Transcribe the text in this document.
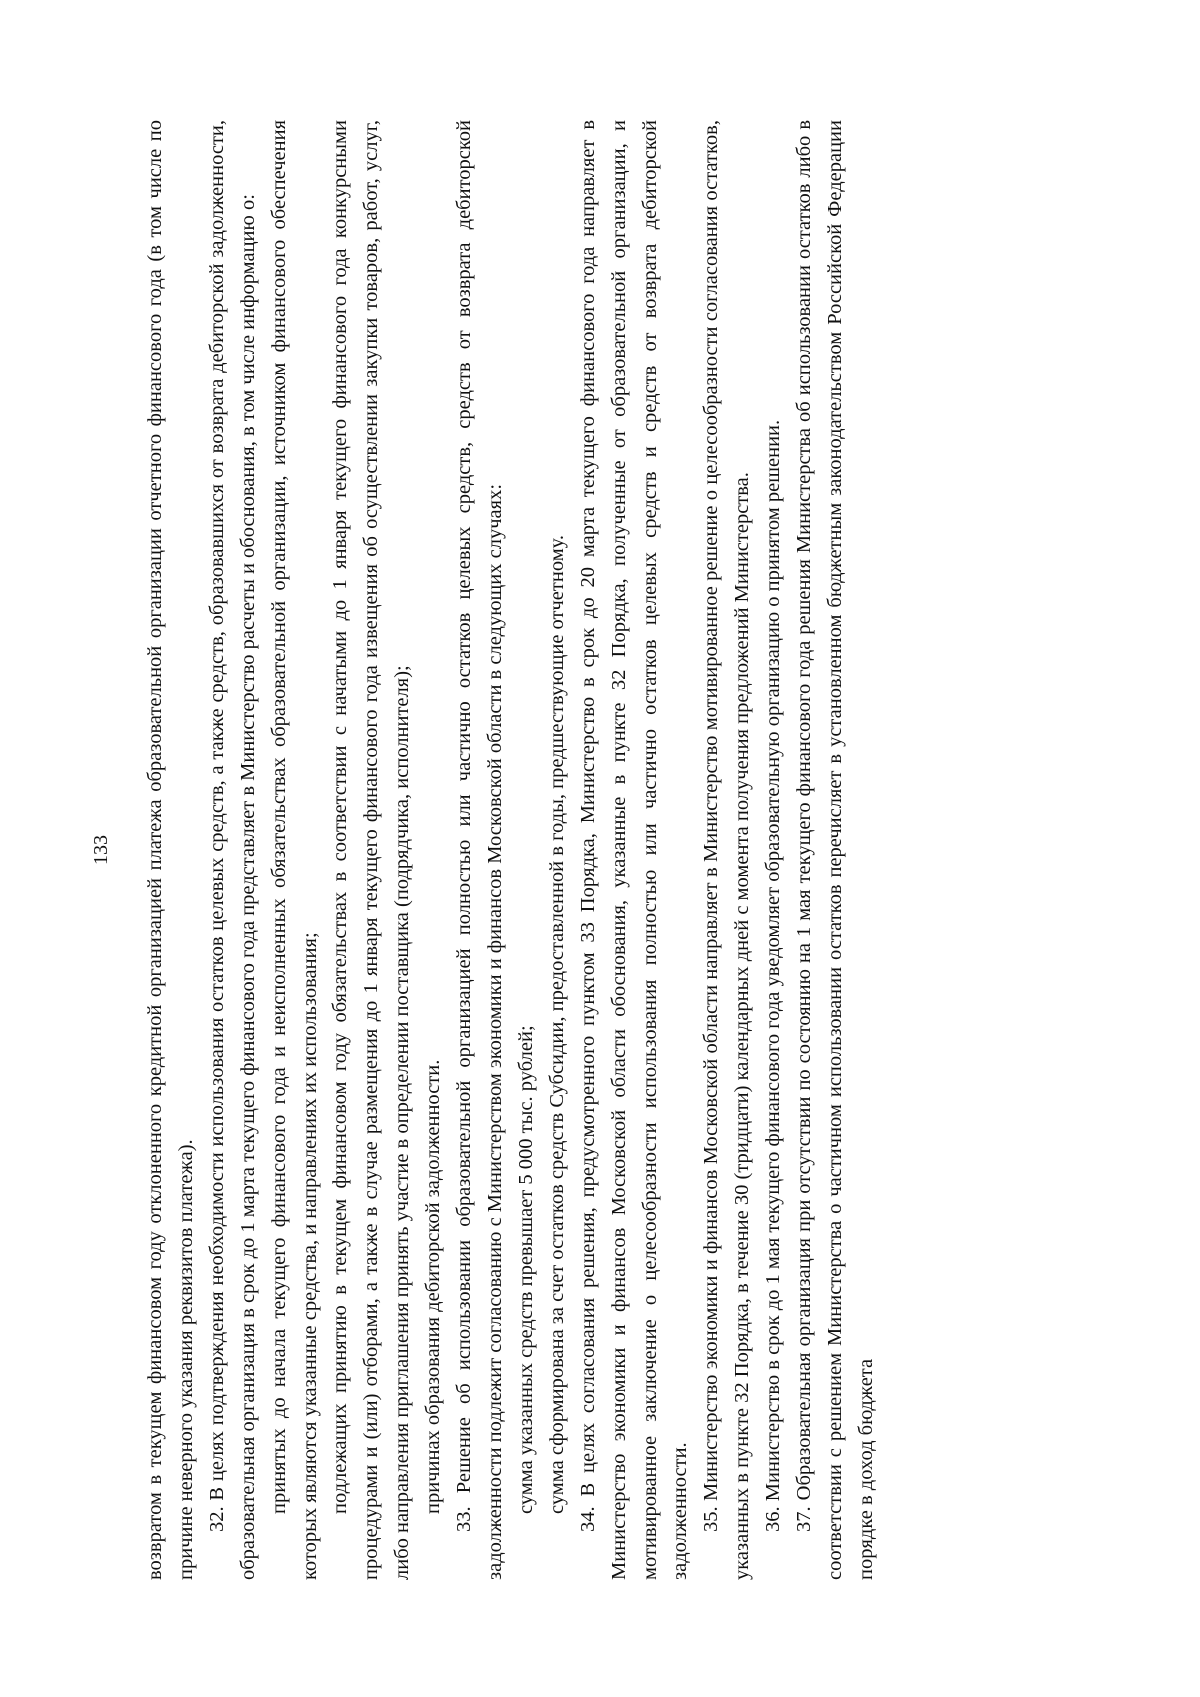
133 возвратом в текущем финансовом году отклоненного кредитной организацией платежа образовательной организации отчетного финансового года (в том числе по причине неверного указания реквизитов платежа). 32. В целях подтверждения необходимости использования остатков целевых средств, а также средств, образовавшихся от возврата дебиторской задолженности, образовательная организация в срок до 1 марта текущего финансового года представляет в Министерство расчеты и обоснования, в том числе информацию о: принятых до начала текущего финансового года и неисполненных обязательствах образовательной организации, источником финансового обеспечения которых являются указанные средства, и направлениях их использования; подлежащих принятию в текущем финансовом году обязательствах в соответствии с начатыми до 1 января текущего финансового года конкурсными процедурами и (или) отборами, а также в случае размещения до 1 января текущего финансового года извещения об осуществлении закупки товаров, работ, услуг, либо направления приглашения принять участие в определении поставщика (подрядчика, исполнителя); причинах образования дебиторской задолженности. 33. Решение об использовании образовательной организацией полностью или частично остатков целевых средств, средств от возврата дебиторской задолженности подлежит согласованию с Министерством экономики и финансов Московской области в следующих случаях: сумма указанных средств превышает 5 000 тыс. рублей; сумма сформирована за счет остатков средств Субсидии, предоставленной в годы, предшествующие отчетному. 34. В целях согласования решения, предусмотренного пунктом 33 Порядка, Министерство в срок до 20 марта текущего финансового года направляет в Министерство экономики и финансов Московской области обоснования, указанные в пункте 32 Порядка, полученные от образовательной организации, и мотивированное заключение о целесообразности использования полностью или частично остатков целевых средств и средств от возврата дебиторской задолженности. 35. Министерство экономики и финансов Московской области направляет в Министерство мотивированное решение о целесообразности согласования остатков, указанных в пункте 32 Порядка, в течение 30 (тридцати) календарных дней с момента получения предложений Министерства. 36. Министерство в срок до 1 мая текущего финансового года уведомляет образовательную организацию о принятом решении. 37. Образовательная организация при отсутствии по состоянию на 1 мая текущего финансового года решения Министерства об использовании остатков либо в соответствии с решением Министерства о частичном использовании остатков перечисляет в установленном бюджетным законодательством Российской Федерации порядке в доход бюджета
